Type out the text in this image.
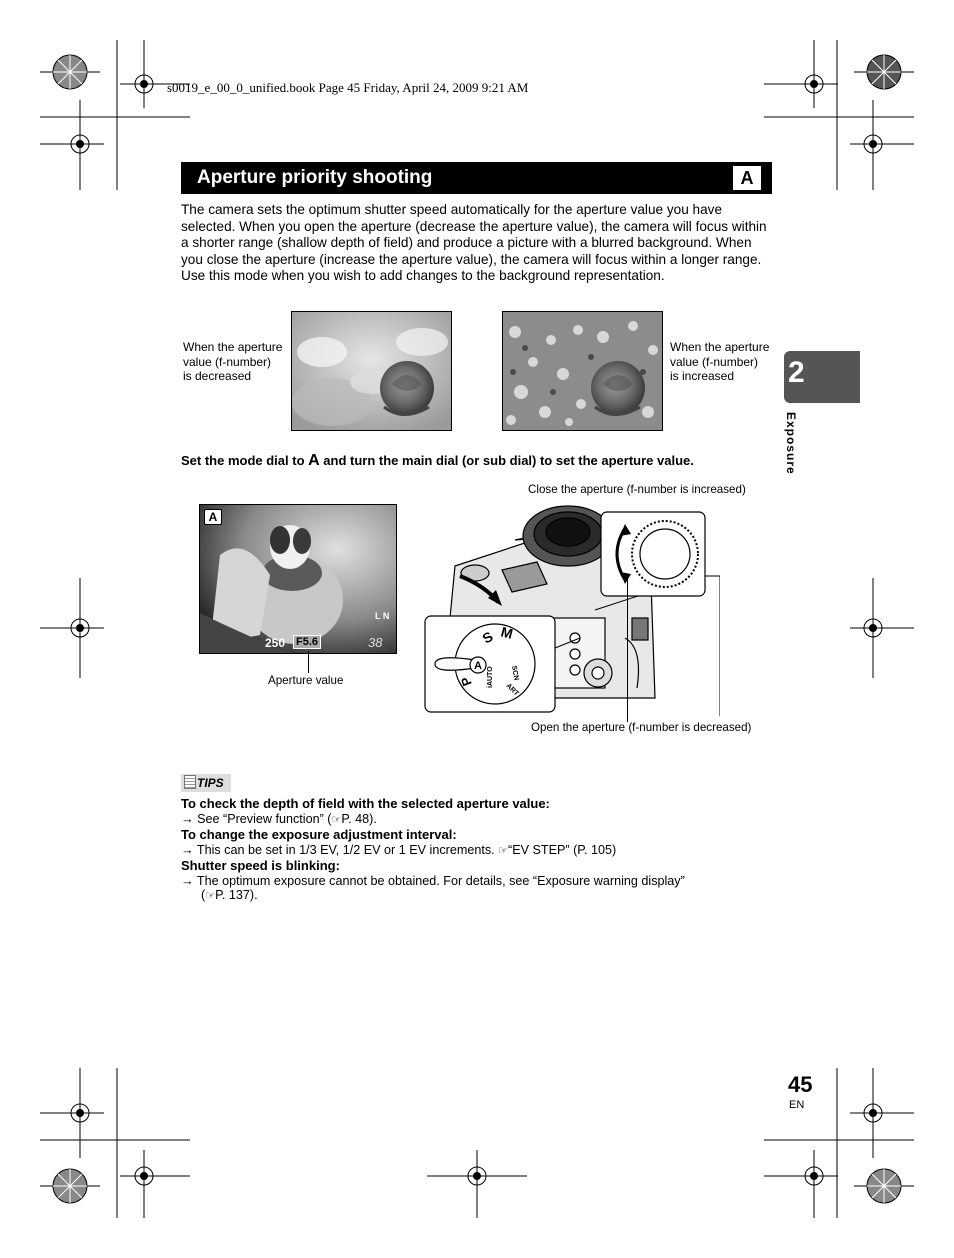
s0019_e_00_0_unified.book Page 45 Friday, April 24, 2009 9:21 AM
Aperture priority shooting	A
The camera sets the optimum shutter speed automatically for the aperture value you have selected. When you open the aperture (decrease the aperture value), the camera will focus within a shorter range (shallow depth of field) and produce a picture with a blurred background. When you close the aperture (increase the aperture value), the camera will focus within a longer range. Use this mode when you wish to add changes to the background representation.
When the aperture value (f-number) is decreased
When the aperture value (f-number) is increased
Set the mode dial to A and turn the main dial (or sub dial) to set the aperture value.
A
L N
250 F5.6	38
Aperture value
Close the aperture (f-number is increased)
S M
P
A
iAUTO
ART
SCN
Open the aperture (f-number is decreased)
TIPS
To check the depth of field with the selected aperture value:
→ See “Preview function” (☞P. 48).
To change the exposure adjustment interval:
→ This can be set in 1/3 EV, 1/2 EV or 1 EV increments. ☞“EV STEP” (P. 105)
Shutter speed is blinking:
→ The optimum exposure cannot be obtained. For details, see “Exposure warning display” (☞P. 137).
2
Exposure
45
EN
